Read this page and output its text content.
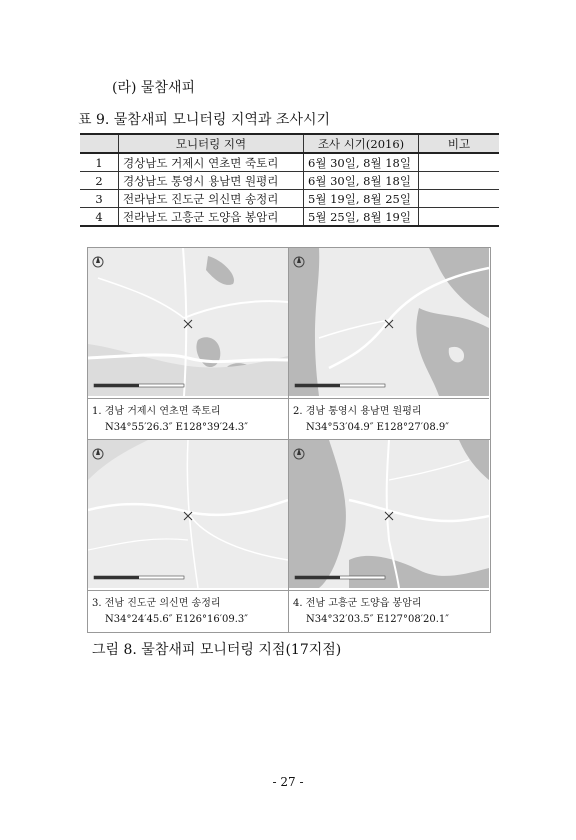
(라) 물참새피
표 9. 물참새피 모니터링 지역과 조사시기
	모니터링 지역	조사 시기(2016)	비고
1	경상남도 거제시 연초면 죽토리	6월 30일, 8월 18일	
2	경상남도 통영시 용남면 원평리	6월 30일, 8월 18일	
3	전라남도 진도군 의신면 송정리	5월 19일, 8월 25일	
4	전라남도 고흥군 도양읍 봉암리	5월 25일, 8월 19일	
1. 경남 거제시 연초면 죽토리
N34°55′26.3″ E128°39′24.3″
2. 경남 통영시 용남면 원평리
N34°53′04.9″ E128°27′08.9″
3. 전남 진도군 의신면 송정리
N34°24′45.6″ E126°16′09.3″
4. 전남 고흥군 도양읍 봉암리
N34°32′03.5″ E127°08′20.1″
그림 8. 물참새피 모니터링 지점(17지점)
- 27 -
